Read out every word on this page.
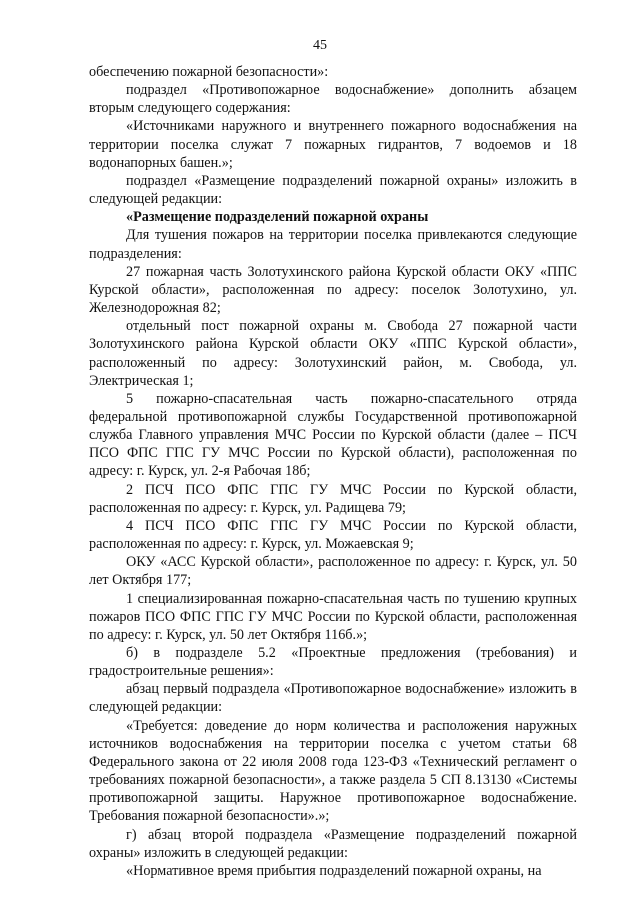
45

обеспечению пожарной безопасности»:

подраздел «Противопожарное водоснабжение» дополнить абзацем вторым следующего содержания:

«Источниками наружного и внутреннего пожарного водоснабжения на территории поселка служат 7 пожарных гидрантов, 7 водоемов и 18 водонапорных башен.»;

подраздел «Размещение подразделений пожарной охраны» изложить в следующей редакции:

«Размещение подразделений пожарной охраны

Для тушения пожаров на территории поселка привлекаются следующие подразделения:

27 пожарная часть Золотухинского района Курской области ОКУ «ППС Курской области», расположенная по адресу: поселок Золотухино, ул. Железнодорожная 82;

отдельный пост пожарной охраны м. Свобода 27 пожарной части Золотухинского района Курской области ОКУ «ППС Курской области», расположенный по адресу: Золотухинский район, м. Свобода, ул. Электрическая 1;

5 пожарно-спасательная часть пожарно-спасательного отряда федеральной противопожарной службы Государственной противопожарной служба Главного управления МЧС России по Курской области (далее – ПСЧ ПСО ФПС ГПС ГУ МЧС России по Курской области), расположенная по адресу: г. Курск, ул. 2-я Рабочая 18б;

2 ПСЧ ПСО ФПС ГПС ГУ МЧС России по Курской области, расположенная по адресу: г. Курск, ул. Радищева 79;

4 ПСЧ ПСО ФПС ГПС ГУ МЧС России по Курской области, расположенная по адресу: г. Курск, ул. Можаевская 9;

ОКУ «АСС Курской области», расположенное по адресу: г. Курск, ул. 50 лет Октября 177;

1 специализированная пожарно-спасательная часть по тушению крупных пожаров ПСО ФПС ГПС ГУ МЧС России по Курской области, расположенная по адресу: г. Курск, ул. 50 лет Октября 116б.»;

б) в подразделе 5.2 «Проектные предложения (требования) и градостроительные решения»:

абзац первый подраздела «Противопожарное водоснабжение» изложить в следующей редакции:

«Требуется: доведение до норм количества и расположения наружных источников водоснабжения на территории поселка с учетом статьи 68 Федерального закона от 22 июля 2008 года 123-ФЗ «Технический регламент о требованиях пожарной безопасности», а также раздела 5 СП 8.13130 «Системы противопожарной защиты. Наружное противопожарное водоснабжение. Требования пожарной безопасности».»;

г) абзац второй подраздела «Размещение подразделений пожарной охраны» изложить в следующей редакции:

«Нормативное время прибытия подразделений пожарной охраны, на
